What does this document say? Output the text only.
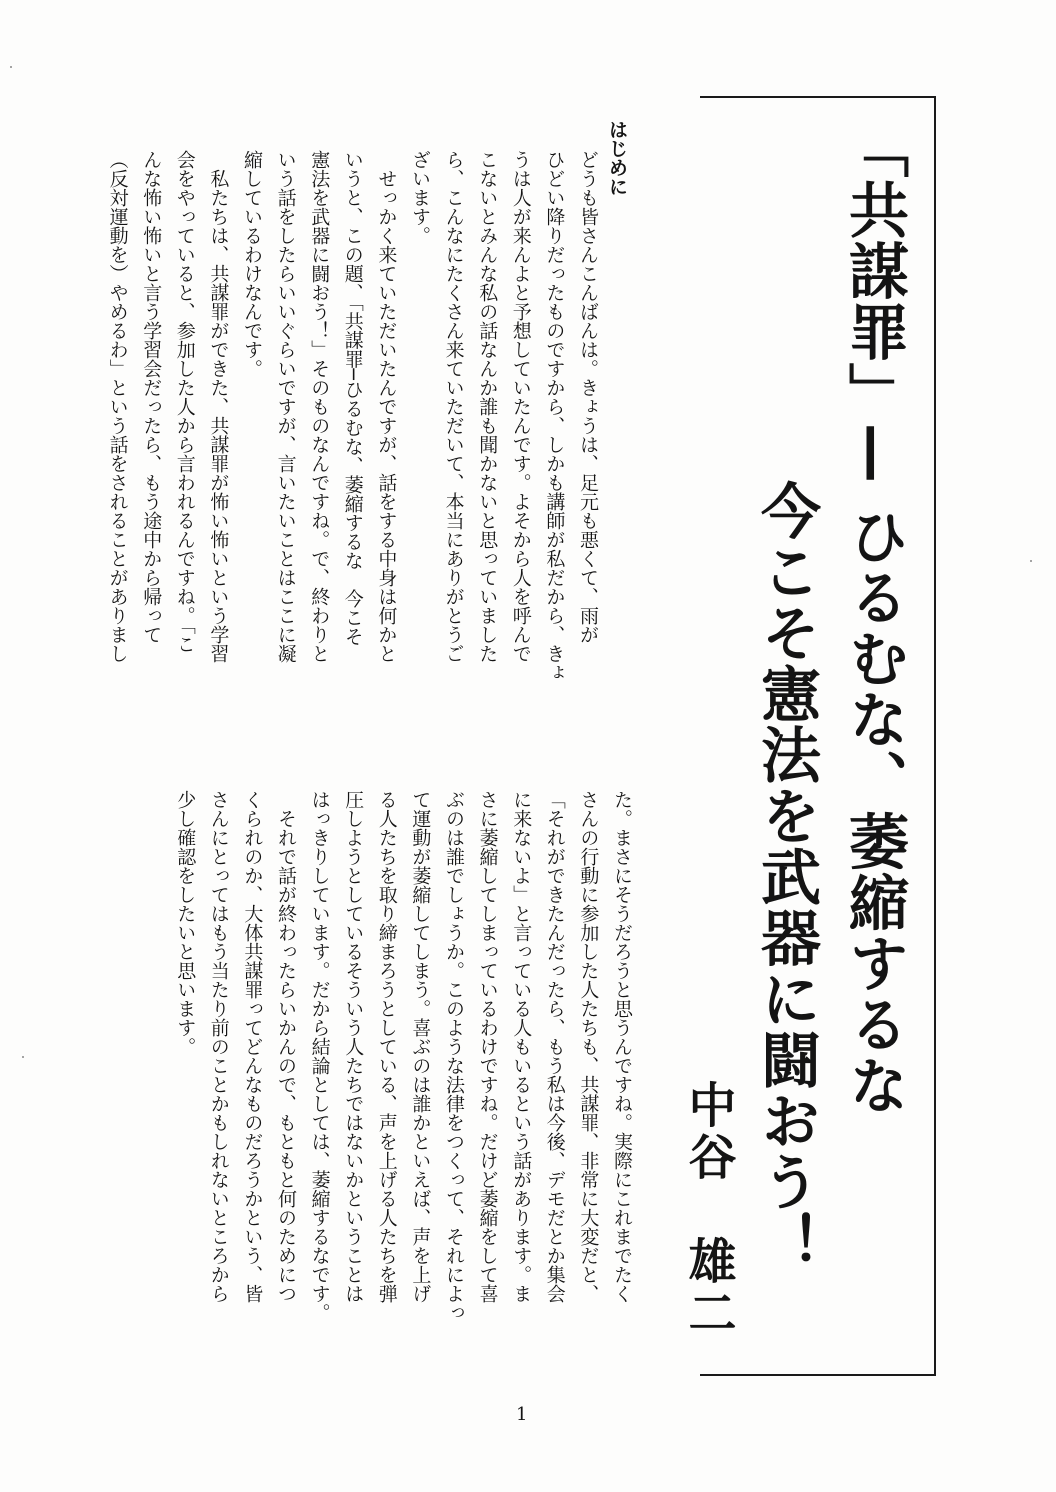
「共謀罪」— ひるむな、萎縮するな
今こそ憲法を武器に闘おう！
中谷　雄二
はじめに
どうも皆さんこんばんは。きょうは、足元も悪くて、雨が
ひどい降りだったものですから、しかも講師が私だから、きょ
うは人が来んよと予想していたんです。よそから人を呼んで
こないとみんな私の話なんか誰も聞かないと思っていました
ら、こんなにたくさん来ていただいて、本当にありがとうご
ざいます。
　せっかく来ていただいたんですが、話をする中身は何かと
いうと、この題、「共謀罪─ひるむな、萎縮するな　今こそ
憲法を武器に闘おう！」そのものなんですね。で、終わりと
いう話をしたらいいぐらいですが、言いたいことはここに凝
縮しているわけなんです。
　私たちは、共謀罪ができた、共謀罪が怖い怖いという学習
会をやっていると、参加した人から言われるんですね。「こ
んな怖い怖いと言う学習会だったら、もう途中から帰って
（反対運動を）やめるわ」という話をされることがありまし
た。まさにそうだろうと思うんですね。実際にこれまでたく
さんの行動に参加した人たちも、共謀罪、非常に大変だと、
「それができたんだったら、もう私は今後、デモだとか集会
に来ないよ」と言っている人もいるという話があります。ま
さに萎縮してしまっているわけですね。だけど萎縮をして喜
ぶのは誰でしょうか。このような法律をつくって、それによっ
て運動が萎縮してしまう。喜ぶのは誰かといえば、声を上げ
る人たちを取り締まろうとしている、声を上げる人たちを弾
圧しようとしているそういう人たちではないかということは
はっきりしています。だから結論としては、萎縮するなです。
　それで話が終わったらいかんので、もともと何のためにつ
くられのか、大体共謀罪ってどんなものだろうかという、皆
さんにとってはもう当たり前のことかもしれないところから
少し確認をしたいと思います。
1
